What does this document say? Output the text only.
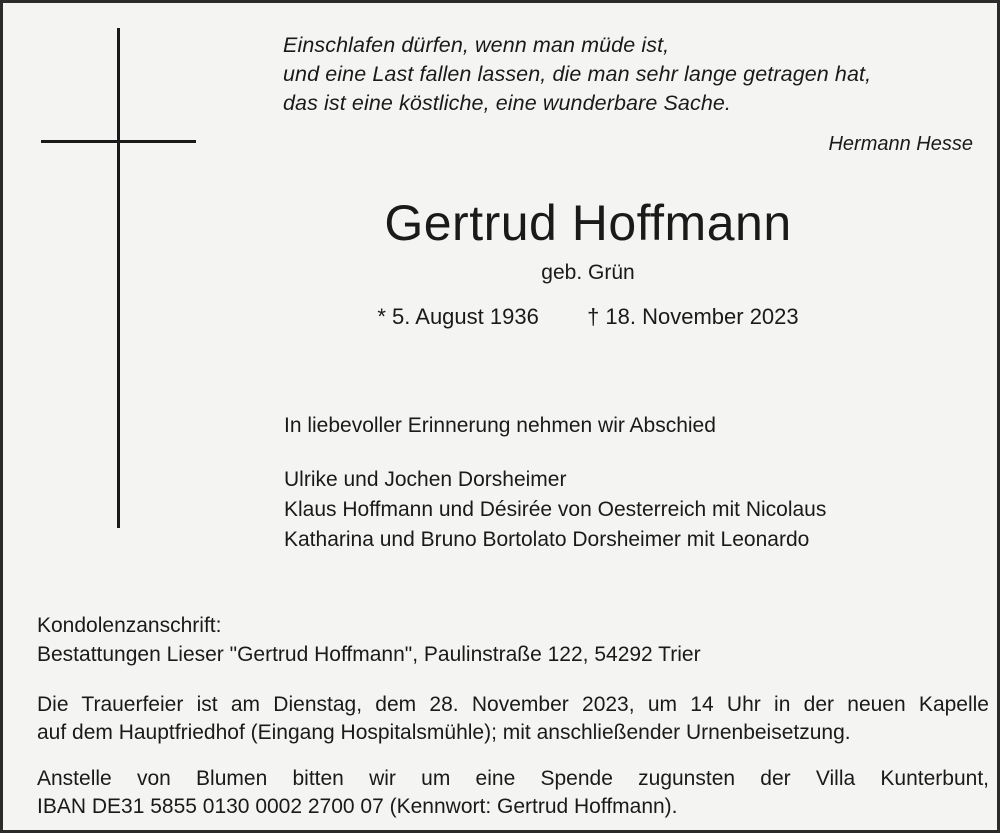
Einschlafen dürfen, wenn man müde ist,
und eine Last fallen lassen, die man sehr lange getragen hat,
das ist eine köstliche, eine wunderbare Sache.
Hermann Hesse
Gertrud Hoffmann
geb. Grün
* 5. August 1936 † 18. November 2023
In liebevoller Erinnerung nehmen wir Abschied
Ulrike und Jochen Dorsheimer
Klaus Hoffmann und Désirée von Oesterreich mit Nicolaus
Katharina und Bruno Bortolato Dorsheimer mit Leonardo
Kondolenzanschrift:
Bestattungen Lieser "Gertrud Hoffmann", Paulinstraße 122, 54292 Trier

Die Trauerfeier ist am Dienstag, dem 28. November 2023, um 14 Uhr in der neuen Kapelle
auf dem Hauptfriedhof (Eingang Hospitalsmühle); mit anschließender Urnenbeisetzung.

Anstelle von Blumen bitten wir um eine Spende zugunsten der Villa Kunterbunt,
IBAN DE31 5855 0130 0002 2700 07 (Kennwort: Gertrud Hoffmann).
